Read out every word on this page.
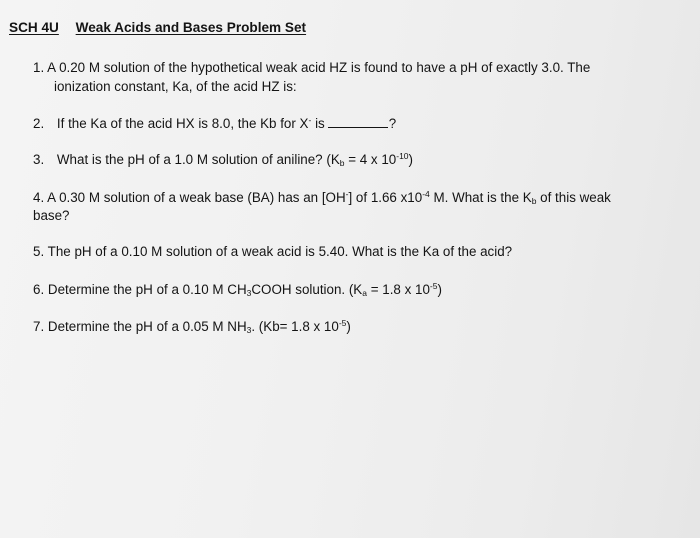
SCH 4U Weak Acids and Bases Problem Set
1. A 0.20 M solution of the hypothetical weak acid HZ is found to have a pH of exactly 3.0. The
ionization constant, Ka, of the acid HZ is:
2. If the Ka of the acid HX is 8.0, the Kb for X- is	?
3. What is the pH of a 1.0 M solution of aniline? ($K_b = 4$ x $10^{-10}$)
4. A 0.30 M solution of a weak base (BA) has an [OH-] of 1.66 $x10^{-4}$ M. What is the $K_b$ of this weak
base?
5. The pH of a 0.10 M solution of a weak acid is 5.40. What is the Ka of the acid?
6. Determine the pH of a 0.10 M $CH_3COOH$ solution. ($K_a = 1.8$ x $10^{-5}$)
7. Determine the pH of a 0.05 M $NH_3$. (Kb= 1.8 x $10^{-5}$)
